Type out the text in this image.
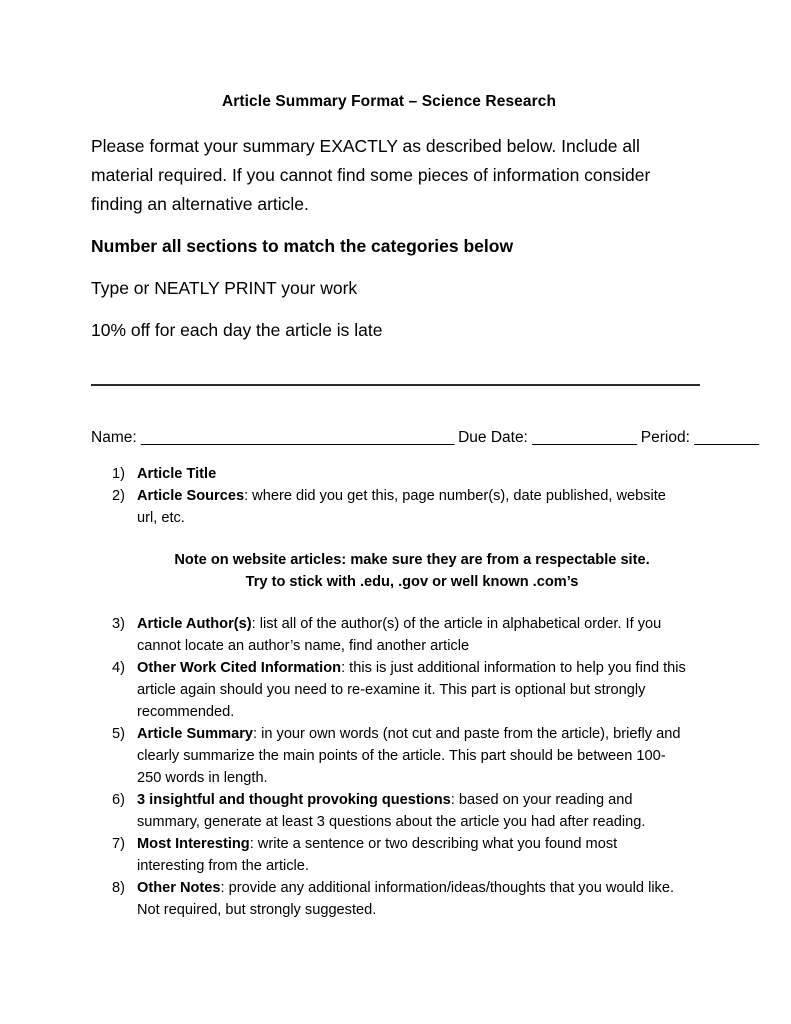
Article Summary Format – Science Research

Please format your summary EXACTLY as described below. Include all material required. If you cannot find some pieces of information consider finding an alternative article.

Number all sections to match the categories below

Type or NEATLY PRINT your work

10% off for each day the article is late

Name: _______________________________________ Due Date: _____________ Period: ________

1) Article Title
2) Article Sources: where did you get this, page number(s), date published, website url, etc.

Note on website articles: make sure they are from a respectable site.

Try to stick with .edu, .gov or well known .com’s

3) Article Author(s): list all of the author(s) of the article in alphabetical order. If you cannot locate an author’s name, find another article
4) Other Work Cited Information: this is just additional information to help you find this article again should you need to re-examine it. This part is optional but strongly recommended.
5) Article Summary: in your own words (not cut and paste from the article), briefly and clearly summarize the main points of the article. This part should be between 100-250 words in length.
6) 3 insightful and thought provoking questions: based on your reading and summary, generate at least 3 questions about the article you had after reading.
7) Most Interesting: write a sentence or two describing what you found most interesting from the article.
8) Other Notes: provide any additional information/ideas/thoughts that you would like. Not required, but strongly suggested.
